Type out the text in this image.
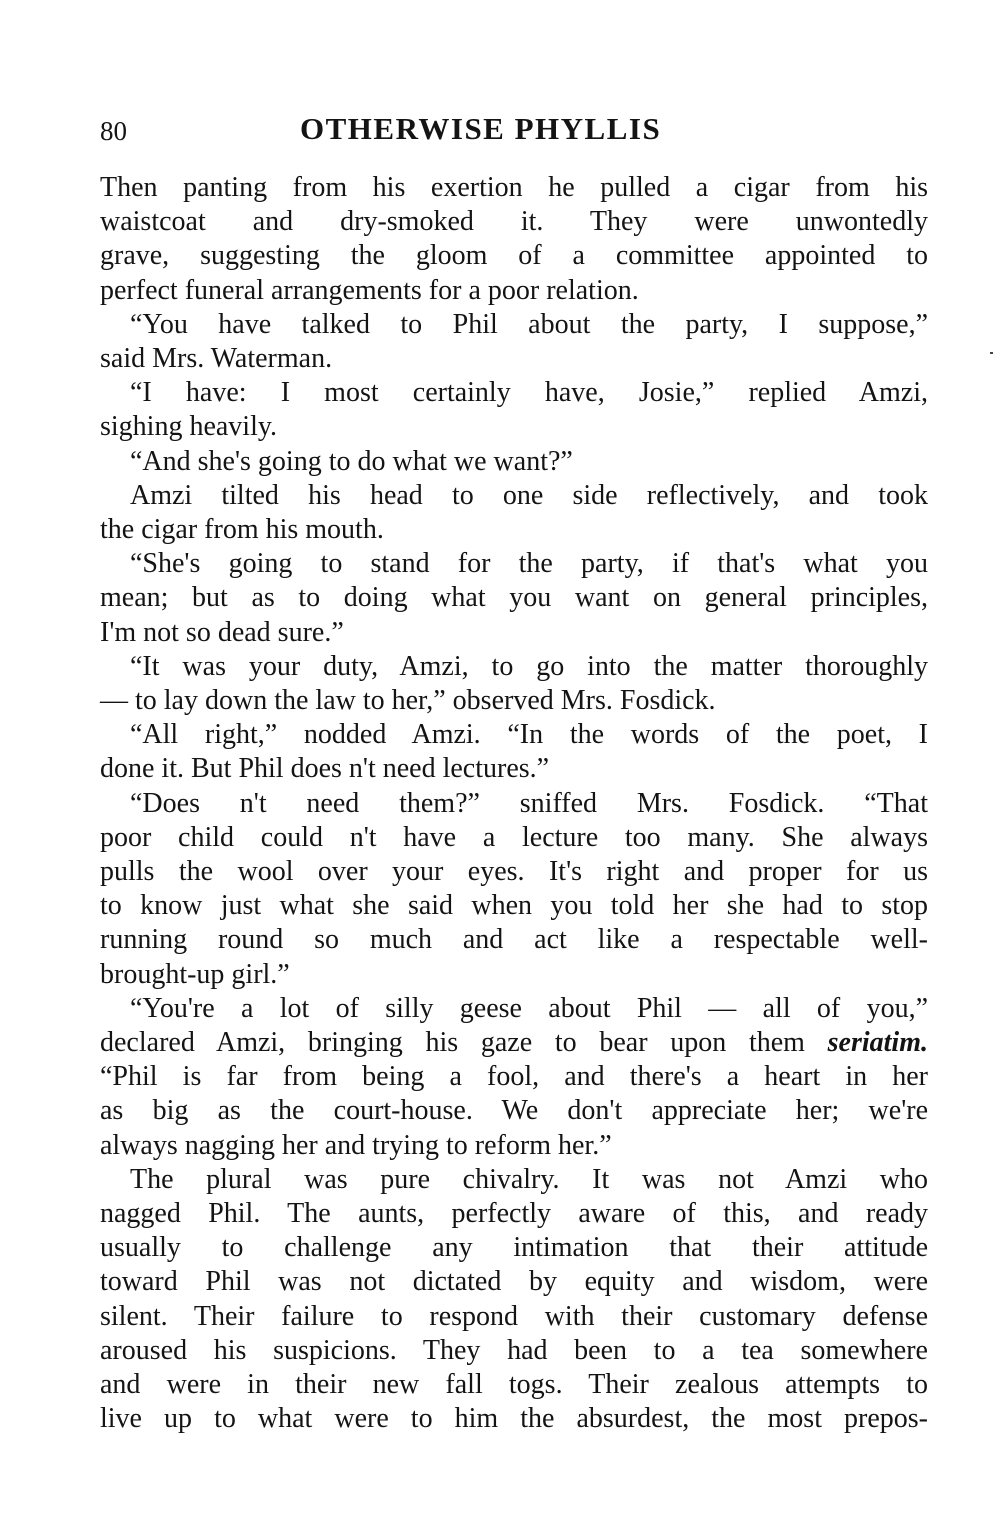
80	OTHERWISE PHYLLIS
Then panting from his exertion he pulled a cigar from his
waistcoat and dry-smoked it. They were unwontedly
grave, suggesting the gloom of a committee appointed to
perfect funeral arrangements for a poor relation.
“You have talked to Phil about the party, I suppose,”
said Mrs. Waterman.
“I have: I most certainly have, Josie,” replied Amzi,
sighing heavily.
“And she's going to do what we want?”
Amzi tilted his head to one side reflectively, and took
the cigar from his mouth.
“She's going to stand for the party, if that's what you
mean; but as to doing what you want on general principles,
I'm not so dead sure.”
“It was your duty, Amzi, to go into the matter thoroughly
— to lay down the law to her,” observed Mrs. Fosdick.
“All right,” nodded Amzi. “In the words of the poet, I
done it. But Phil does n't need lectures.”
“Does n't need them?” sniffed Mrs. Fosdick. “That
poor child could n't have a lecture too many. She always
pulls the wool over your eyes. It's right and proper for us
to know just what she said when you told her she had to stop
running round so much and act like a respectable well-
brought-up girl.”
“You're a lot of silly geese about Phil — all of you,”
declared Amzi, bringing his gaze to bear upon them seriatim.
“Phil is far from being a fool, and there's a heart in her
as big as the court-house. We don't appreciate her; we're
always nagging her and trying to reform her.”
The plural was pure chivalry. It was not Amzi who
nagged Phil. The aunts, perfectly aware of this, and ready
usually to challenge any intimation that their attitude
toward Phil was not dictated by equity and wisdom, were
silent. Their failure to respond with their customary defense
aroused his suspicions. They had been to a tea somewhere
and were in their new fall togs. Their zealous attempts to
live up to what were to him the absurdest, the most prepos-
